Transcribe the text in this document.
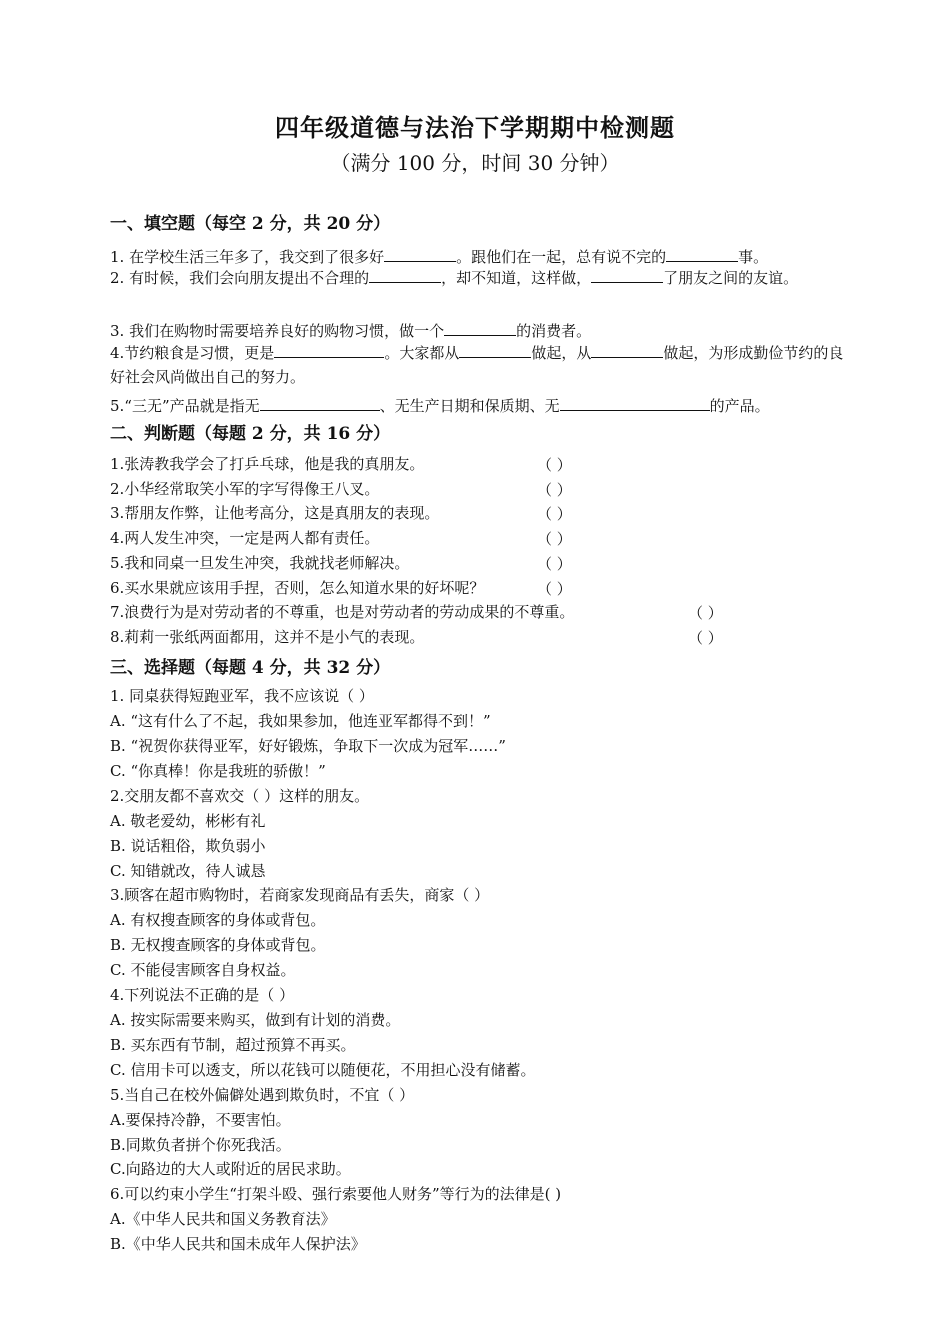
四年级道德与法治下学期期中检测题
（满分 100 分，时间 30 分钟）
一、填空题（每空 2 分，共 20 分）
1. 在学校生活三年多了，我交到了很多好	。跟他们在一起，总有说不完的	事。
2. 有时候，我们会向朋友提出不合理的	，却不知道，这样做，	了朋友之间的友谊。
3. 我们在购物时需要培养良好的购物习惯，做一个	的消费者。
4.节约粮食是习惯，更是	。大家都从	做起，从	做起，为形成勤俭节约的良好社会风尚做出自己的努力。
5.“三无”产品就是指无	、无生产日期和保质期、无	的产品。
二、判断题（每题 2 分，共 16 分）
1.张涛教我学会了打乒乓球，他是我的真朋友。	（ ）
2.小华经常取笑小军的字写得像王八叉。	（ ）
3.帮朋友作弊，让他考高分，这是真朋友的表现。	（ ）
4.两人发生冲突，一定是两人都有责任。	（ ）
5.我和同桌一旦发生冲突，我就找老师解决。	（ ）
6.买水果就应该用手捏，否则，怎么知道水果的好坏呢？	（ ）
7.浪费行为是对劳动者的不尊重，也是对劳动者的劳动成果的不尊重。	（ ）
8.莉莉一张纸两面都用，这并不是小气的表现。	（ ）
三、选择题（每题 4 分，共 32 分）
1. 同桌获得短跑亚军，我不应该说（ ）
A. “这有什么了不起，我如果参加，他连亚军都得不到！”
B. “祝贺你获得亚军，好好锻炼，争取下一次成为冠军……”
C. “你真棒！你是我班的骄傲！”
2.交朋友都不喜欢交（ ）这样的朋友。
A. 敬老爱幼，彬彬有礼
B. 说话粗俗，欺负弱小
C. 知错就改，待人诚恳
3.顾客在超市购物时，若商家发现商品有丢失，商家（ ）
A. 有权搜查顾客的身体或背包。
B. 无权搜查顾客的身体或背包。
C. 不能侵害顾客自身权益。
4.下列说法不正确的是（ ）
A. 按实际需要来购买，做到有计划的消费。
B. 买东西有节制，超过预算不再买。
C. 信用卡可以透支，所以花钱可以随便花，不用担心没有储蓄。
5.当自己在校外偏僻处遇到欺负时，不宜（ ）
A.要保持冷静，不要害怕。
B.同欺负者拼个你死我活。
C.向路边的大人或附近的居民求助。
6.可以约束小学生“打架斗殴、强行索要他人财务”等行为的法律是( )
A.《中华人民共和国义务教育法》
B.《中华人民共和国未成年人保护法》
